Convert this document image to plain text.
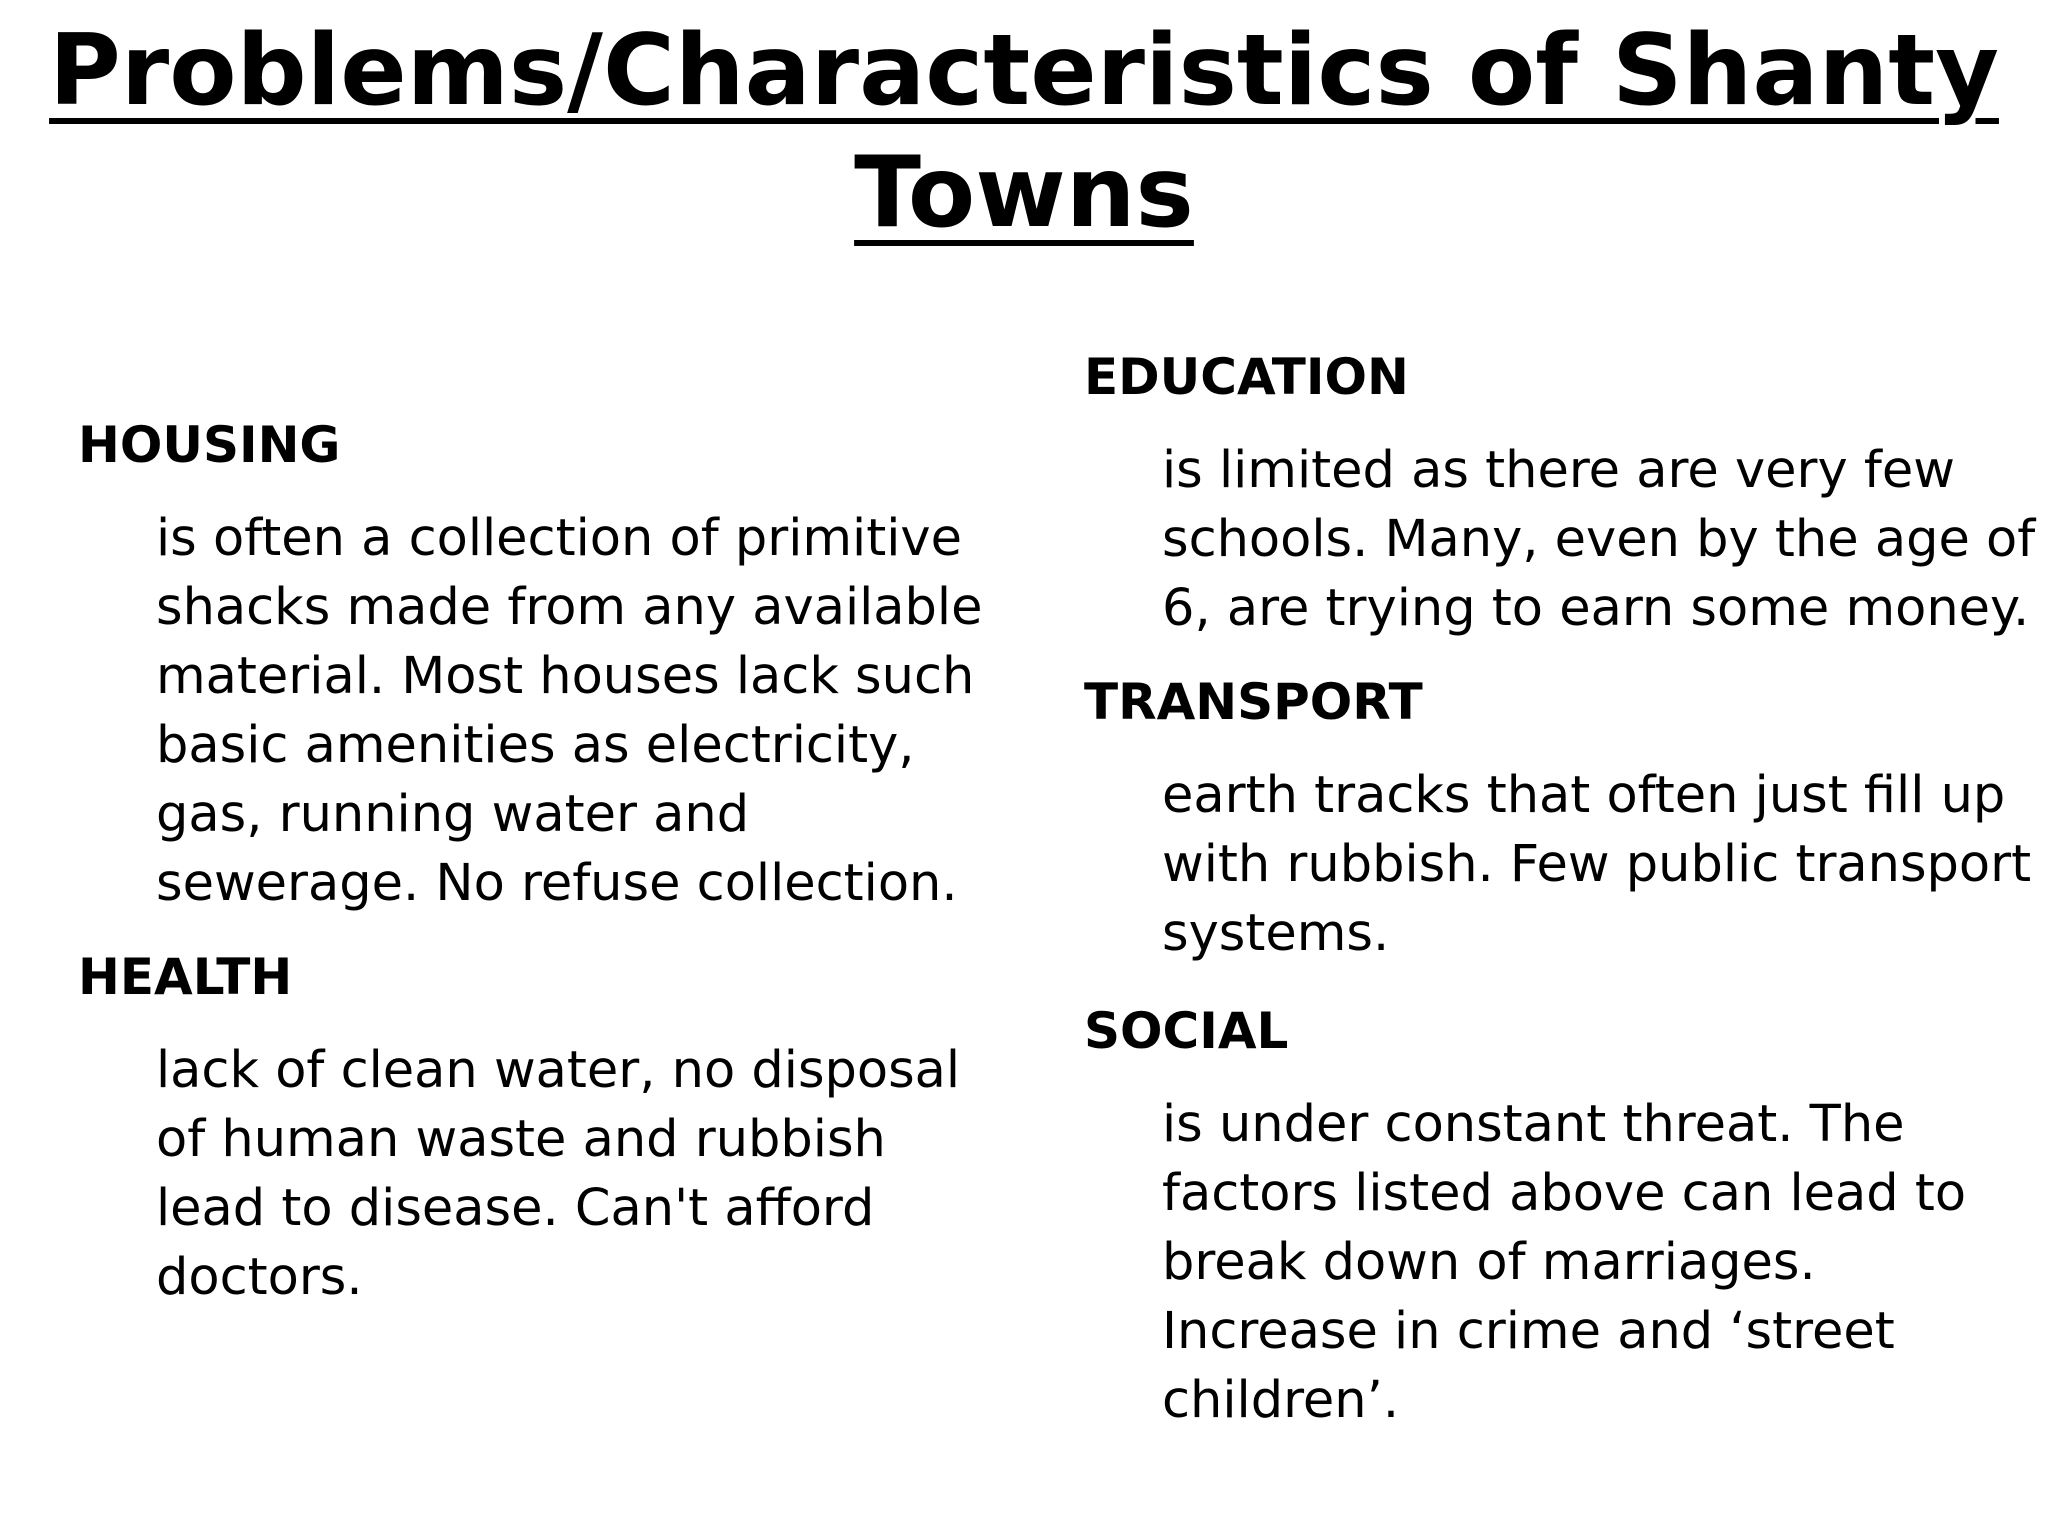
Problems/Characteristics of Shanty
Towns

HOUSING

is often a collection of primitive shacks made from any available material. Most houses lack such basic amenities as electricity, gas, running water and sewerage. No refuse collection.

HEALTH

lack of clean water, no disposal of human waste and rubbish lead to disease. Can't afford doctors.

EDUCATION

is limited as there are very few schools. Many, even by the age of 6, are trying to earn some money.

TRANSPORT

earth tracks that often just fill up with rubbish. Few public transport systems.

SOCIAL

is under constant threat. The factors listed above can lead to break down of marriages. Increase in crime and ‘street children’.
